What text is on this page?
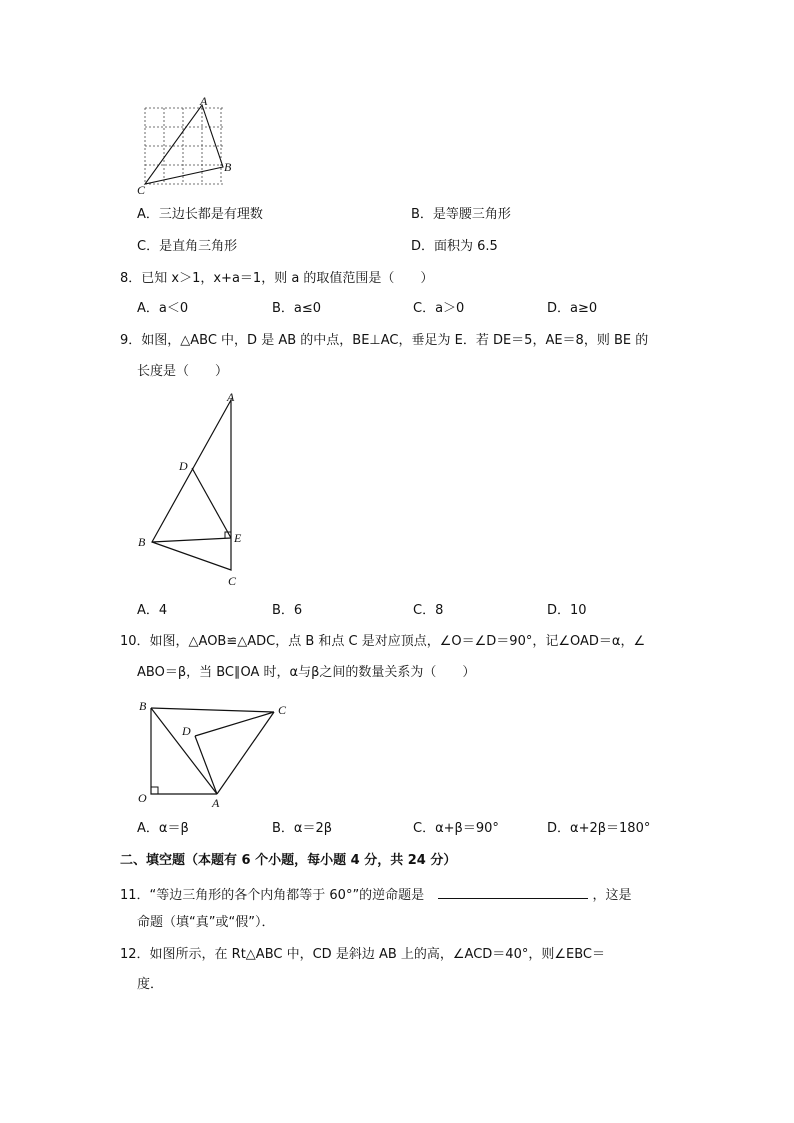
A
B
C
A．三边长都是有理数	B．是等腰三角形
C．是直角三角形	D．面积为 6.5
8．已知 x＞1，x+a＝1，则 a 的取值范围是（　　）
A．a＜0	B．a≤0	C．a＞0	D．a≥0
9．如图，△ABC 中，D 是 AB 的中点，BE⊥AC，垂足为 E．若 DE＝5，AE＝8，则 BE 的
长度是（　　）
A
D
B	E
C
A．4	B．6	C．8	D．10
10．如图，△AOB≌△ADC，点 B 和点 C 是对应顶点，∠O＝∠D＝90°，记∠OAD＝α，∠
ABO＝β，当 BC∥OA 时，α与β之间的数量关系为（　　）
B	C
D
O	A
A．α＝β	B．α＝2β	C．α+β＝90°	D．α+2β＝180°
二、填空题（本题有 6 个小题，每小题 4 分，共 24 分）
11．“等边三角形的各个内角都等于 60°”的逆命题是	，这是
命题（填“真”或“假”）．
12．如图所示，在 Rt△ABC 中，CD 是斜边 AB 上的高，∠ACD＝40°，则∠EBC＝
度．
